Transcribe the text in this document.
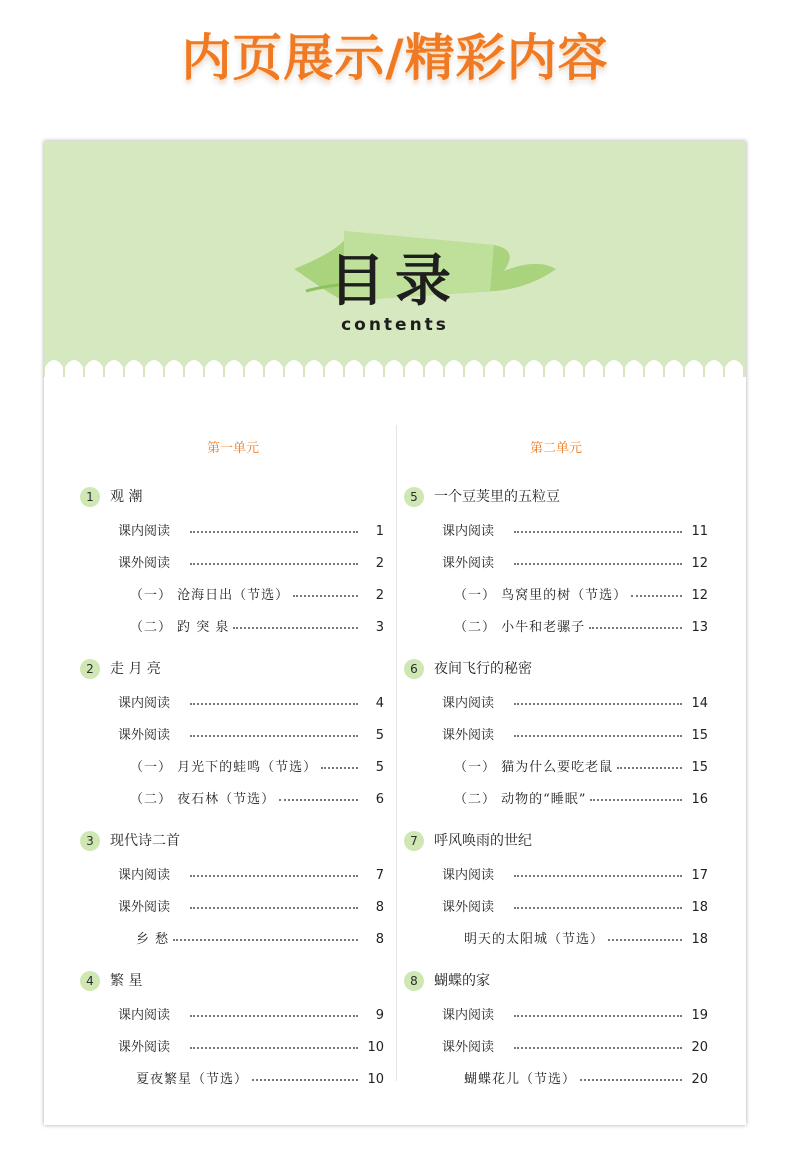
内页展示/精彩内容
目录
contents
第一单元
1 观 潮
课内阅读	1
课外阅读	2
（一） 沧海日出（节选）	2
（二） 趵 突 泉	3
2 走 月 亮
课内阅读	4
课外阅读	5
（一） 月光下的蛙鸣（节选）	5
（二） 夜石林（节选）	6
3 现代诗二首
课内阅读	7
课外阅读	8
乡 愁	8
4 繁 星
课内阅读	9
课外阅读	10
夏夜繁星（节选）	10
第二单元
5 一个豆荚里的五粒豆
课内阅读	11
课外阅读	12
（一） 鸟窝里的树（节选）	12
（二） 小牛和老骡子	13
6 夜间飞行的秘密
课内阅读	14
课外阅读	15
（一） 猫为什么要吃老鼠	15
（二） 动物的“睡眠”	16
7 呼风唤雨的世纪
课内阅读	17
课外阅读	18
明天的太阳城（节选）	18
8 蝴蝶的家
课内阅读	19
课外阅读	20
蝴蝶花儿（节选）	20
